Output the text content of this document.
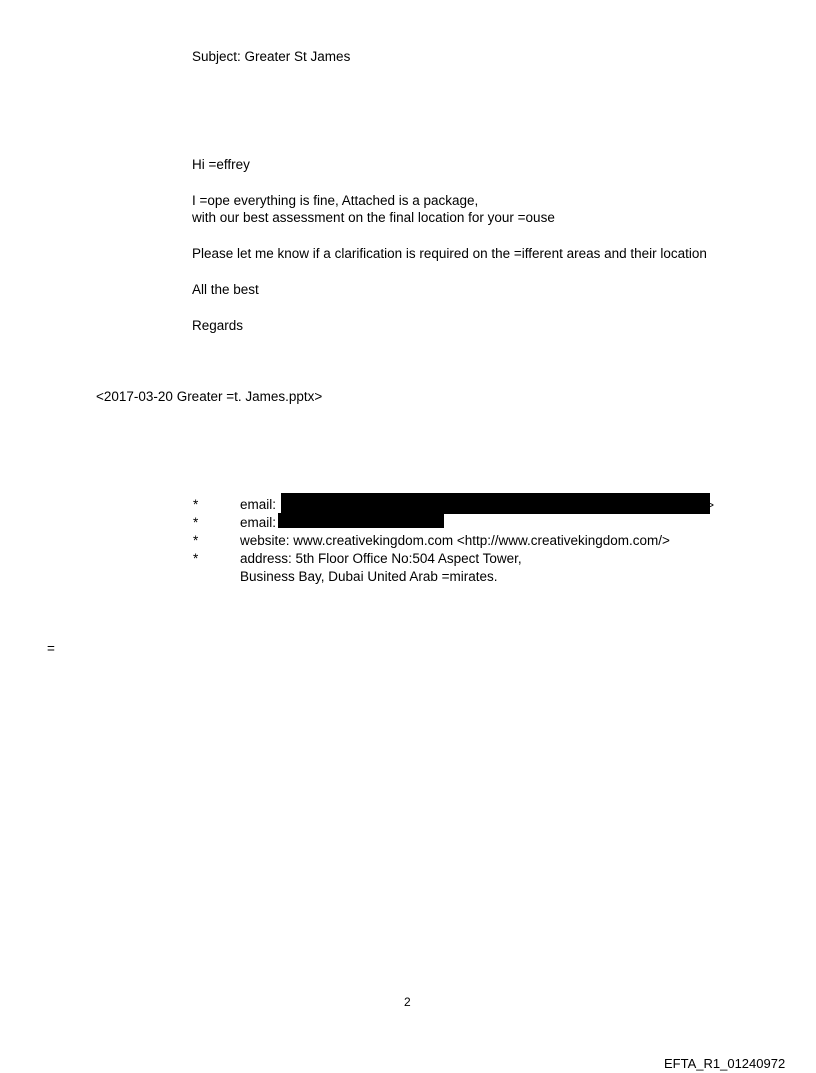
Subject: Greater St James
Hi =effrey
I =ope everything is fine, Attached is a package,
with our best assessment on the final location for your =ouse
Please let me know if a clarification is required on the =ifferent areas and their location
All the best
Regards
<2017-03-20 Greater =t. James.pptx>
*	email:	>
*	email:
*	website: www.creativekingdom.com <http://www.creativekingdom.com/>
*	address: 5th Floor Office No:504 Aspect Tower,
Business Bay, Dubai United Arab =mirates.
=
2
EFTA_R1_01240972
